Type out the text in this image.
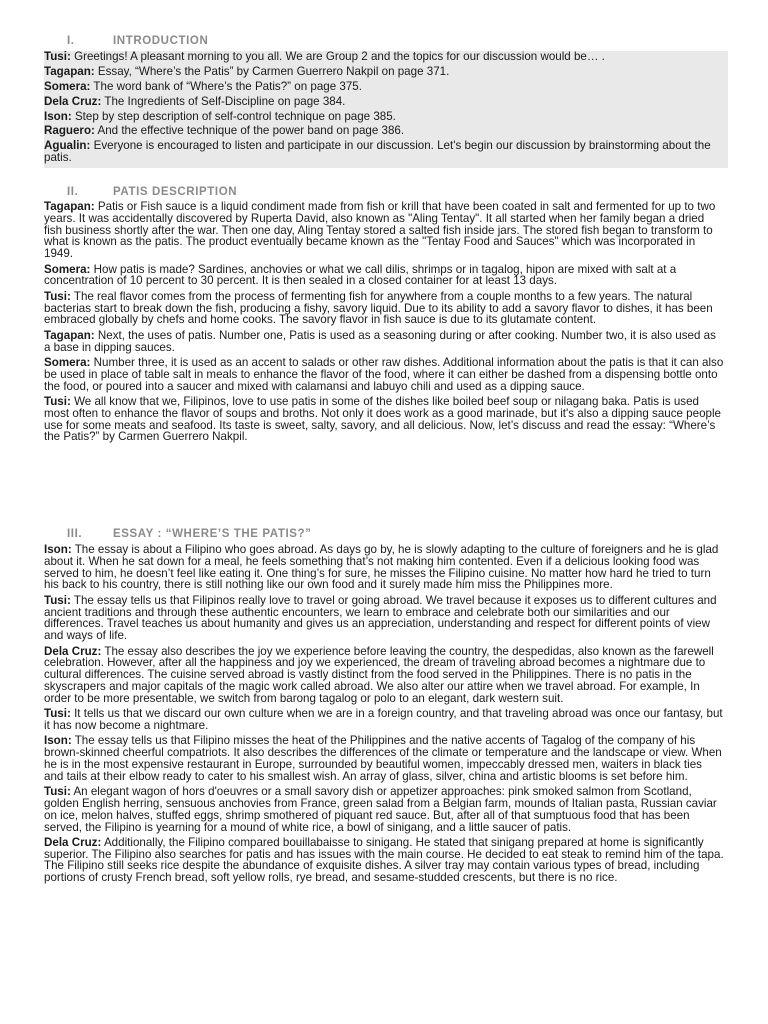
I.	INTRODUCTION

Tusi: Greetings! A pleasant morning to you all. We are Group 2 and the topics for our discussion would be… .

Tagapan: Essay, “Where’s the Patis” by Carmen Guerrero Nakpil on page 371.

Somera: The word bank of “Where’s the Patis?” on page 375.

Dela Cruz: The Ingredients of Self-Discipline on page 384.

Ison: Step by step description of self-control technique on page 385.

Raguero: And the effective technique of the power band on page 386.

Agualin: Everyone is encouraged to listen and participate in our discussion. Let's begin our discussion by brainstorming about the patis.

II.	PATIS DESCRIPTION

Tagapan: Patis or Fish sauce is a liquid condiment made from fish or krill that have been coated in salt and fermented for up to two years. It was accidentally discovered by Ruperta David, also known as "Aling Tentay". It all started when her family began a dried fish business shortly after the war. Then one day, Aling Tentay stored a salted fish inside jars. The stored fish began to transform to what is known as the patis. The product eventually became known as the "Tentay Food and Sauces" which was incorporated in 1949.

Somera: How patis is made? Sardines, anchovies or what we call dilis, shrimps or in tagalog, hipon are mixed with salt at a concentration of 10 percent to 30 percent. It is then sealed in a closed container for at least 13 days.

Tusi: The real flavor comes from the process of fermenting fish for anywhere from a couple months to a few years. The natural bacterias start to break down the fish, producing a fishy, savory liquid. Due to its ability to add a savory flavor to dishes, it has been embraced globally by chefs and home cooks. The savory flavor in fish sauce is due to its glutamate content.

Tagapan: Next, the uses of patis. Number one, Patis is used as a seasoning during or after cooking. Number two, it is also used as a base in dipping sauces.

Somera: Number three, it is used as an accent to salads or other raw dishes. Additional information about the patis is that it can also be used in place of table salt in meals to enhance the flavor of the food, where it can either be dashed from a dispensing bottle onto the food, or poured into a saucer and mixed with calamansi and labuyo chili and used as a dipping sauce.

Tusi: We all know that we, Filipinos, love to use patis in some of the dishes like boiled beef soup or nilagang baka. Patis is used most often to enhance the flavor of soups and broths. Not only it does work as a good marinade, but it's also a dipping sauce people use for some meats and seafood. Its taste is sweet, salty, savory, and all delicious. Now, let’s discuss and read the essay: “Where’s the Patis?” by Carmen Guerrero Nakpil.

III.	ESSAY : “WHERE’S THE PATIS?”

Ison: The essay is about a Filipino who goes abroad. As days go by, he is slowly adapting to the culture of foreigners and he is glad about it. When he sat down for a meal, he feels something that’s not making him contented. Even if a delicious looking food was served to him, he doesn’t feel like eating it. One thing’s for sure, he misses the Filipino cuisine. No matter how hard he tried to turn his back to his country, there is still nothing like our own food and it surely made him miss the Philippines more.

Tusi: The essay tells us that Filipinos really love to travel or going abroad. We travel because it exposes us to different cultures and ancient traditions and through these authentic encounters, we learn to embrace and celebrate both our similarities and our differences. Travel teaches us about humanity and gives us an appreciation, understanding and respect for different points of view and ways of life.

Dela Cruz: The essay also describes the joy we experience before leaving the country, the despedidas, also known as the farewell celebration. However, after all the happiness and joy we experienced, the dream of traveling abroad becomes a nightmare due to cultural differences. The cuisine served abroad is vastly distinct from the food served in the Philippines. There is no patis in the skyscrapers and major capitals of the magic work called abroad. We also alter our attire when we travel abroad. For example, In order to be more presentable, we switch from barong tagalog or polo to an elegant, dark western suit.

Tusi: It tells us that we discard our own culture when we are in a foreign country, and that traveling abroad was once our fantasy, but it has now become a nightmare.

Ison: The essay tells us that Filipino misses the heat of the Philippines and the native accents of Tagalog of the company of his brown-skinned cheerful compatriots. It also describes the differences of the climate or temperature and the landscape or view. When he is in the most expensive restaurant in Europe, surrounded by beautiful women, impeccably dressed men, waiters in black ties and tails at their elbow ready to cater to his smallest wish. An array of glass, silver, china and artistic blooms is set before him.

Tusi: An elegant wagon of hors d'oeuvres or a small savory dish or appetizer approaches: pink smoked salmon from Scotland, golden English herring, sensuous anchovies from France, green salad from a Belgian farm, mounds of Italian pasta, Russian caviar on ice, melon halves, stuffed eggs, shrimp smothered of piquant red sauce. But, after all of that sumptuous food that has been served, the Filipino is yearning for a mound of white rice, a bowl of sinigang, and a little saucer of patis.

Dela Cruz: Additionally, the Filipino compared bouillabaisse to sinigang. He stated that sinigang prepared at home is significantly superior. The Filipino also searches for patis and has issues with the main course. He decided to eat steak to remind him of the tapa. The Filipino still seeks rice despite the abundance of exquisite dishes. A silver tray may contain various types of bread, including portions of crusty French bread, soft yellow rolls, rye bread, and sesame-studded crescents, but there is no rice.
